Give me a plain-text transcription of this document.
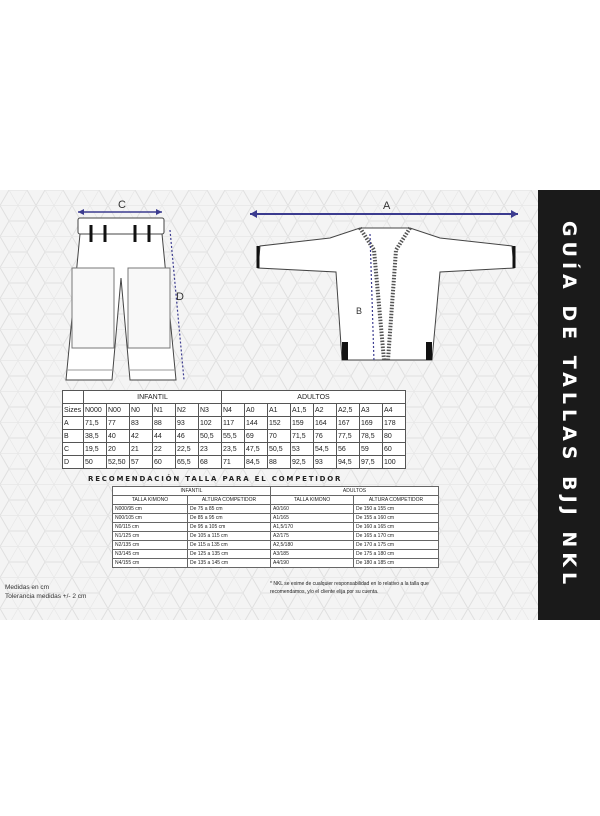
C
D
A
B
	INFANTIL						ADULTOS							
Sizes	N000	N00	N0	N1	N2	N3	N4	A0	A1	A1,5	A2	A2,5	A3	A4
A	71,5	77	83	88	93	102	117	144	152	159	164	167	169	178
B	38,5	40	42	44	46	50,5	55,5	69	70	71,5	76	77,5	78,5	80
C	19,5	20	21	22	22,5	23	23,5	47,5	50,5	53	54,5	56	59	60
D	50	52,50	57	60	65,5	68	71	84,5	88	92,5	93	94,5	97,5	100
RECOMENDACIÓN TALLA PARA EL COMPETIDOR
INFANTIL		ADULTOS	
TALLA KIMONO	ALTURA COMPETIDOR	TALLA KIMONO	ALTURA COMPETIDOR
N000/95 cm	De 75 a 85 cm	A0/160	De 150 a 155 cm
N00/105 cm	De 85 a 95 cm	A1/165	De 155 a 160 cm
N0/115 cm	De 95 a 105 cm	A1,5/170	De 160 a 165 cm
N1/125 cm	De 105 a 115 cm	A2/175	De 165 a 170 cm
N2/135 cm	De 115 a 135 cm	A2,5/180	De 170 a 175 cm
N3/145 cm	De 125 a 135 cm	A3/185	De 175 a 180 cm
N4/155 cm	De 135 a 145 cm	A4/190	De 180 a 185 cm
* NKL se exime de cualquier responsabilidad en lo relativo a la talla que recomendamos, y/o el cliente elija por su cuenta.
Medidas en cm
Tolerancia medidas +/- 2 cm
GUÍA DE TALLAS BJJ NKL
